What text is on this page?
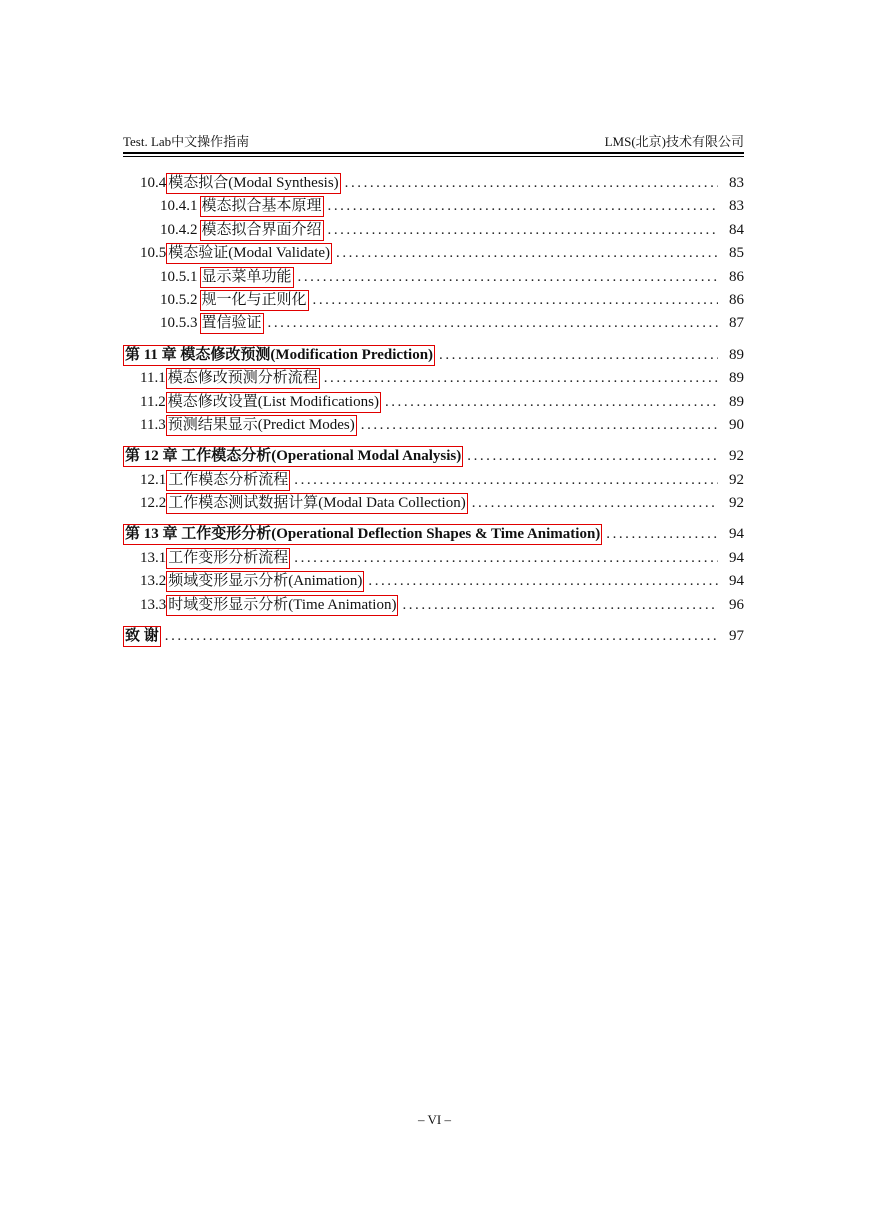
Test. Lab中文操作指南	LMS(北京)技术有限公司
10.4 模态拟合(Modal Synthesis) . . .	83
10.4.1 模态拟合基本原理 . . .	83
10.4.2 模态拟合界面介绍 . . .	84
10.5 模态验证(Modal Validate) . . .	85
10.5.1 显示菜单功能 . . .	86
10.5.2 规一化与正则化 . . .	86
10.5.3 置信验证 . . .	87
第 11 章 模态修改预测(Modification Prediction) . . .	89
11.1 模态修改预测分析流程 . . .	89
11.2 模态修改设置(List Modifications) . . .	89
11.3 预测结果显示(Predict Modes) . . .	90
第 12 章 工作模态分析(Operational Modal Analysis) . . .	92
12.1 工作模态分析流程 . . .	92
12.2 工作模态测试数据计算(Modal Data Collection) . . .	92
第 13 章 工作变形分析(Operational Deflection Shapes & Time Animation) . . .	94
13.1 工作变形分析流程 . . .	94
13.2 频域变形显示分析(Animation) . . .	94
13.3 时域变形显示分析(Time Animation) . . .	96
致 谢 . . .	97
– VI –
